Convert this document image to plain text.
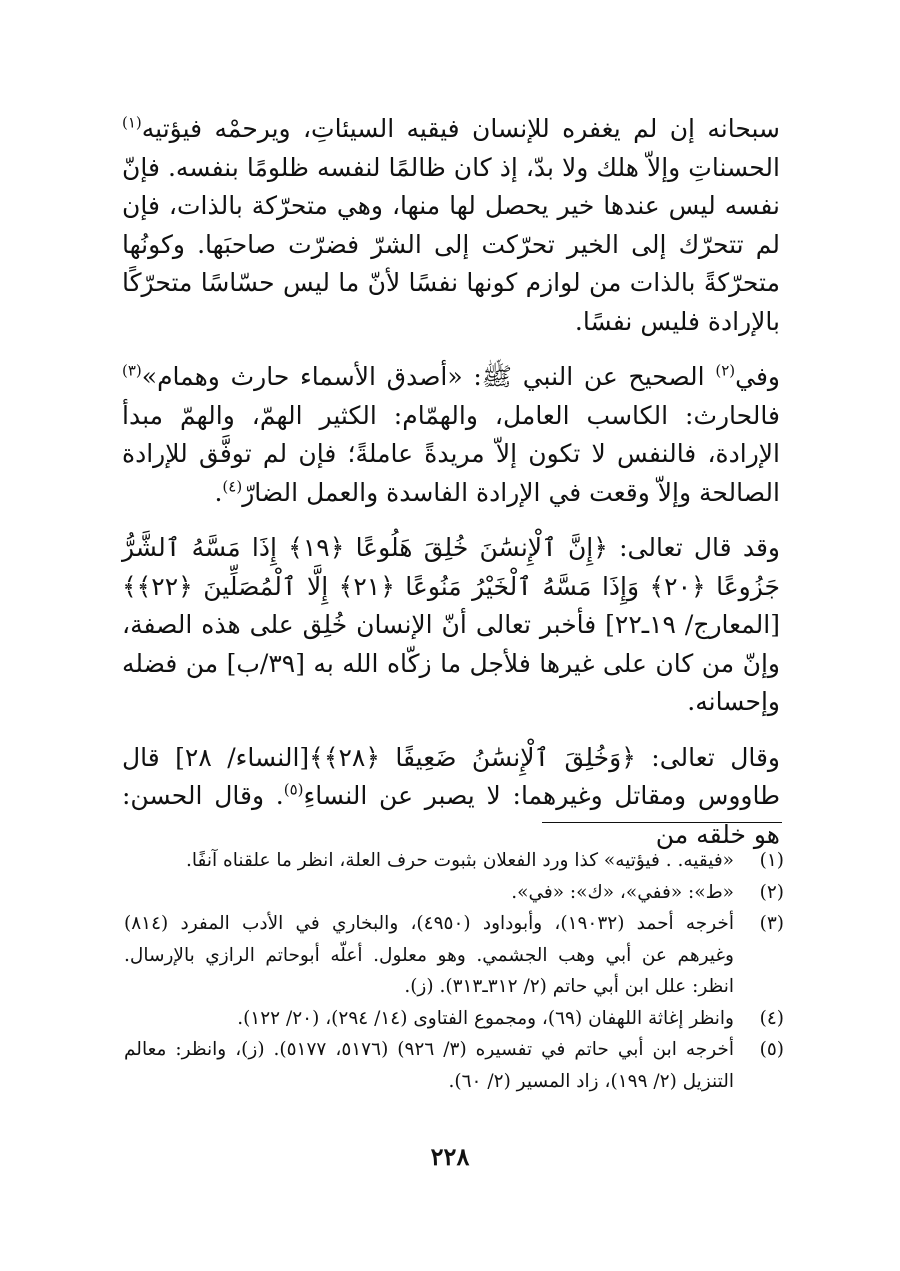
سبحانه إن لم يغفره للإنسان فيقيه السيئاتِ، ويرحمْه فيؤتيه$^{(١)}$ الحسناتِ وإلاّ هلك ولا بدّ، إذ كان ظالمًا لنفسه ظلومًا بنفسه. فإنّ نفسه ليس عندها خير يحصل لها منها، وهي متحرّكة بالذات، فإن لم تتحرّك إلى الخير تحرّكت إلى الشرّ فضرّت صاحبَها. وكونُها متحرّكةً بالذات من لوازم كونها نفسًا لأنّ ما ليس حسّاسًا متحرّكًا بالإرادة فليس نفسًا.

وفي$^{(٢)}$ الصحيح عن النبي ﷺ: «أصدق الأسماء حارث وهمام»$^{(٣)}$ فالحارث: الكاسب العامل، والهمّام: الكثير الهمّ، والهمّ مبدأ الإرادة، فالنفس لا تكون إلاّ مريدةً عاملةً؛ فإن لم توفَّق للإرادة الصالحة وإلاّ وقعت في الإرادة الفاسدة والعمل الضارّ$^{(٤)}$.

وقد قال تعالى: ﴿إِنَّ ٱلْإِنسَٰنَ خُلِقَ هَلُوعًا ﴿١٩﴾ إِذَا مَسَّهُ ٱلشَّرُّ جَزُوعًا ﴿٢٠﴾ وَإِذَا مَسَّهُ ٱلْخَيْرُ مَنُوعًا ﴿٢١﴾ إِلَّا ٱلْمُصَلِّينَ ﴿٢٢﴾﴾[المعارج/ ١٩ـ٢٢] فأخبر تعالى أنّ الإنسان خُلِق على هذه الصفة، وإنّ من كان على غيرها فلأجل ما زكّاه الله به [٣٩/ب] من فضله وإحسانه.

وقال تعالى: ﴿وَخُلِقَ ٱلْإِنسَٰنُ ضَعِيفًا ﴿٢٨﴾﴾[النساء/ ٢٨] قال طاووس ومقاتل وغيرهما: لا يصبر عن النساءِ$^{(٥)}$. وقال الحسن: هو خلقه من

(١)
«فيقيه. . فيؤتيه» كذا ورد الفعلان بثبوت حرف العلة، انظر ما علقناه آنفًا.
(٢)
«ط»: «ففي»، «ك»: «في».
(٣)
أخرجه أحمد (١٩٠٣٢)، وأبوداود (٤٩٥٠)، والبخاري في الأدب المفرد (٨١٤) وغيرهم عن أبي وهب الجشمي. وهو معلول. أعلّه أبوحاتم الرازي بالإرسال. انظر: علل ابن أبي حاتم (٢/ ٣١٢ـ٣١٣). (ز).
(٤)
وانظر إغاثة اللهفان (٦٩)، ومجموع الفتاوى (١٤/ ٢٩٤)، (٢٠/ ١٢٢).
(٥)
أخرجه ابن أبي حاتم في تفسيره (٣/ ٩٢٦) (٥١٧٦، ٥١٧٧). (ز)، وانظر: معالم التنزيل (٢/ ١٩٩)، زاد المسير (٢/ ٦٠).
٢٢٨
